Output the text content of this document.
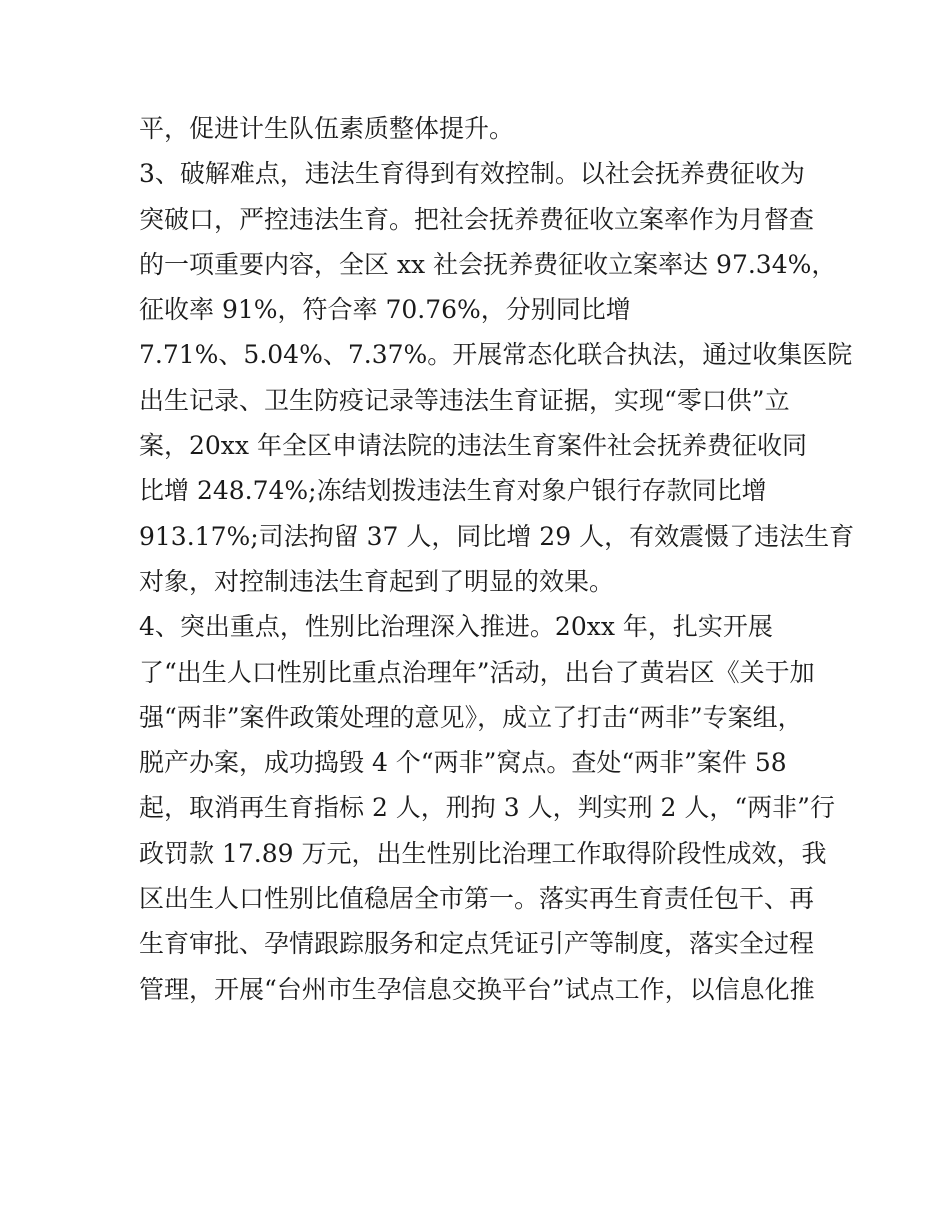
平，促进计生队伍素质整体提升。
3、破解难点，违法生育得到有效控制。以社会抚养费征收为
突破口，严控违法生育。把社会抚养费征收立案率作为月督查
的一项重要内容，全区 xx 社会抚养费征收立案率达 97.34%，
征收率 91%，符合率 70.76%，分别同比增
7.71%、5.04%、7.37%。开展常态化联合执法，通过收集医院
出生记录、卫生防疫记录等违法生育证据，实现“零口供”立
案，20xx 年全区申请法院的违法生育案件社会抚养费征收同
比增 248.74%;冻结划拨违法生育对象户银行存款同比增
913.17%;司法拘留 37 人，同比增 29 人，有效震慑了违法生育
对象，对控制违法生育起到了明显的效果。
4、突出重点，性别比治理深入推进。20xx 年，扎实开展
了“出生人口性别比重点治理年”活动，出台了黄岩区《关于加
强“两非”案件政策处理的意见》，成立了打击“两非”专案组，
脱产办案，成功捣毁 4 个“两非”窝点。查处“两非”案件 58
起，取消再生育指标 2 人，刑拘 3 人，判实刑 2 人，“两非”行
政罚款 17.89 万元，出生性别比治理工作取得阶段性成效，我
区出生人口性别比值稳居全市第一。落实再生育责任包干、再
生育审批、孕情跟踪服务和定点凭证引产等制度，落实全过程
管理，开展“台州市生孕信息交换平台”试点工作，以信息化推
